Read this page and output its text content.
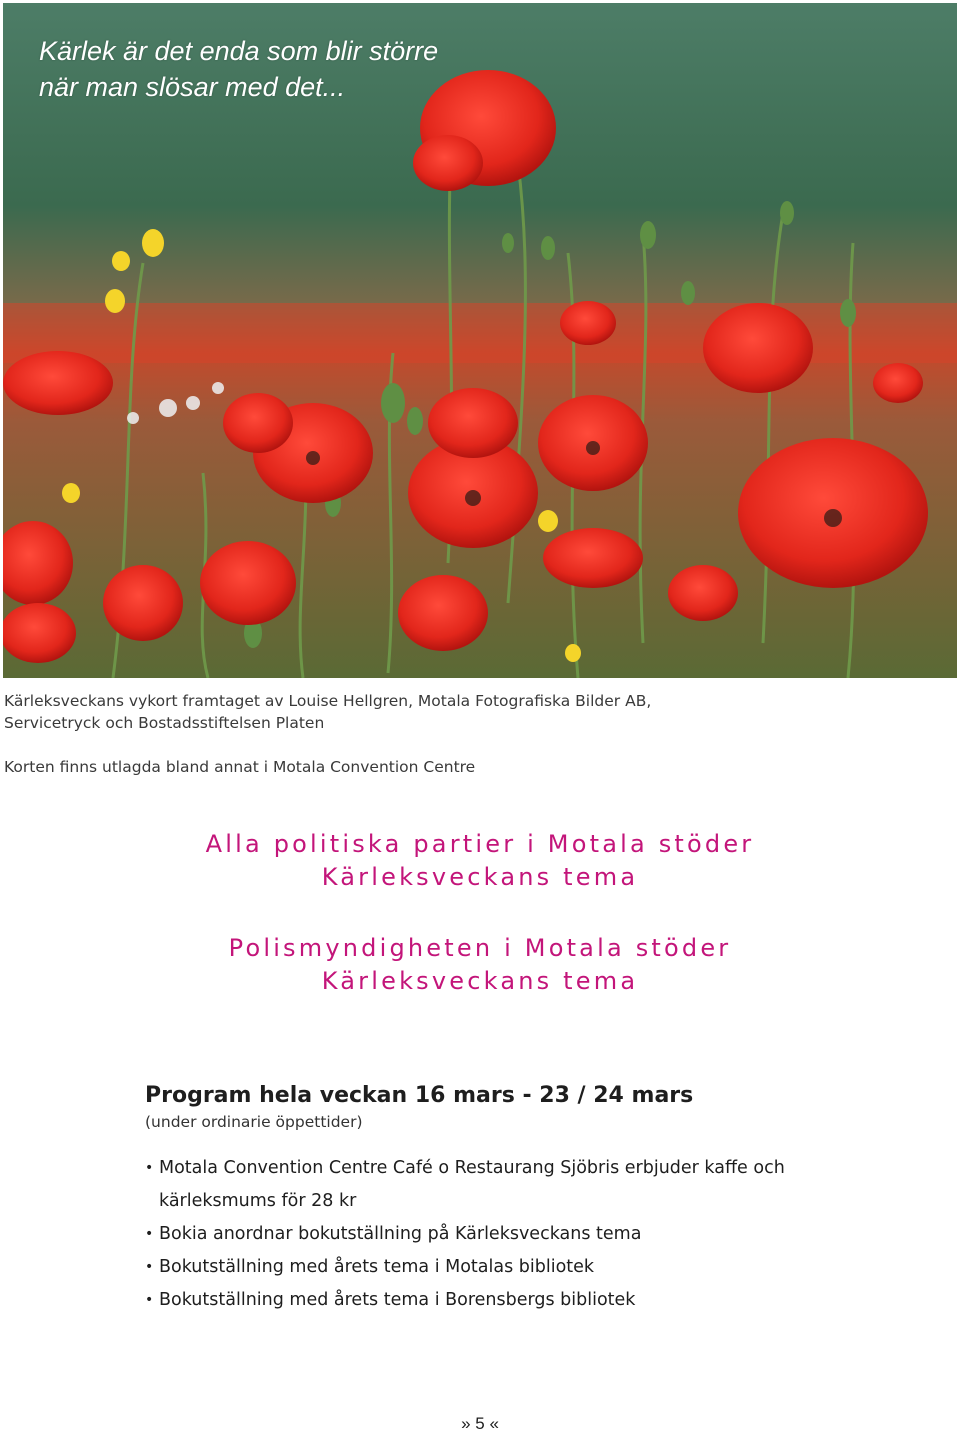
Kärlek är det enda som blir större
när man slösar med det...

Kärleksveckans vykort framtaget av Louise Hellgren, Motala Fotografiska Bilder AB,
Servicetryck och Bostadsstiftelsen Platen

Korten finns utlagda bland annat i Motala Convention Centre

Alla politiska partier i Motala stöder
Kärleksveckans tema
Polismyndigheten i Motala stöder
Kärleksveckans tema
Program hela veckan 16 mars - 23 / 24 mars

(under ordinarie öppettider)

• Motala Convention Centre Café o Restaurang Sjöbris erbjuder kaffe och
kärleksmums för 28 kr
• Bokia anordnar bokutställning på Kärleksveckans tema
• Bokutställning med årets tema i Motalas bibliotek
• Bokutställning med årets tema i Borensbergs bibliotek
» 5 «
